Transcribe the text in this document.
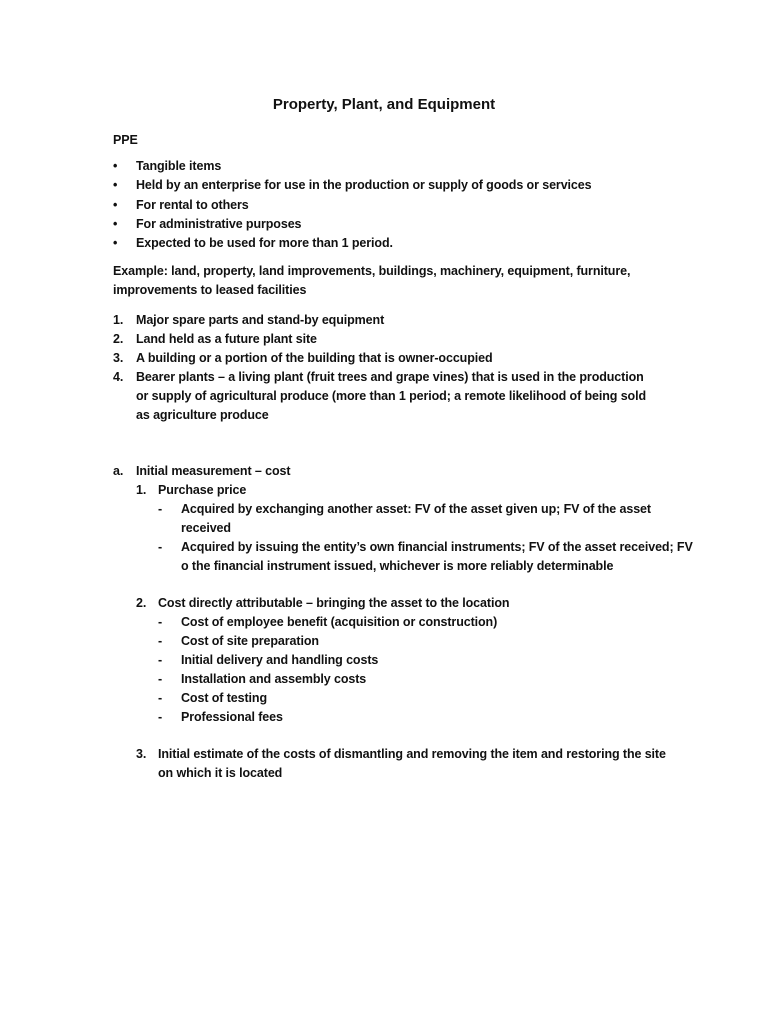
Property, Plant, and Equipment
PPE
• Tangible items
• Held by an enterprise for use in the production or supply of goods or services
• For rental to others
• For administrative purposes
• Expected to be used for more than 1 period.
Example: land, property, land improvements, buildings, machinery, equipment, furniture, improvements to leased facilities
1. Major spare parts and stand-by equipment
2. Land held as a future plant site
3. A building or a portion of the building that is owner-occupied
4. Bearer plants – a living plant (fruit trees and grape vines) that is used in the production or supply of agricultural produce (more than 1 period; a remote likelihood of being sold as agriculture produce
a. Initial measurement – cost
1. Purchase price
- Acquired by exchanging another asset: FV of the asset given up; FV of the asset received
- Acquired by issuing the entity’s own financial instruments; FV of the asset received; FV o the financial instrument issued, whichever is more reliably determinable
2. Cost directly attributable – bringing the asset to the location
- Cost of employee benefit (acquisition or construction)
- Cost of site preparation
- Initial delivery and handling costs
- Installation and assembly costs
- Cost of testing
- Professional fees
3. Initial estimate of the costs of dismantling and removing the item and restoring the site on which it is located
